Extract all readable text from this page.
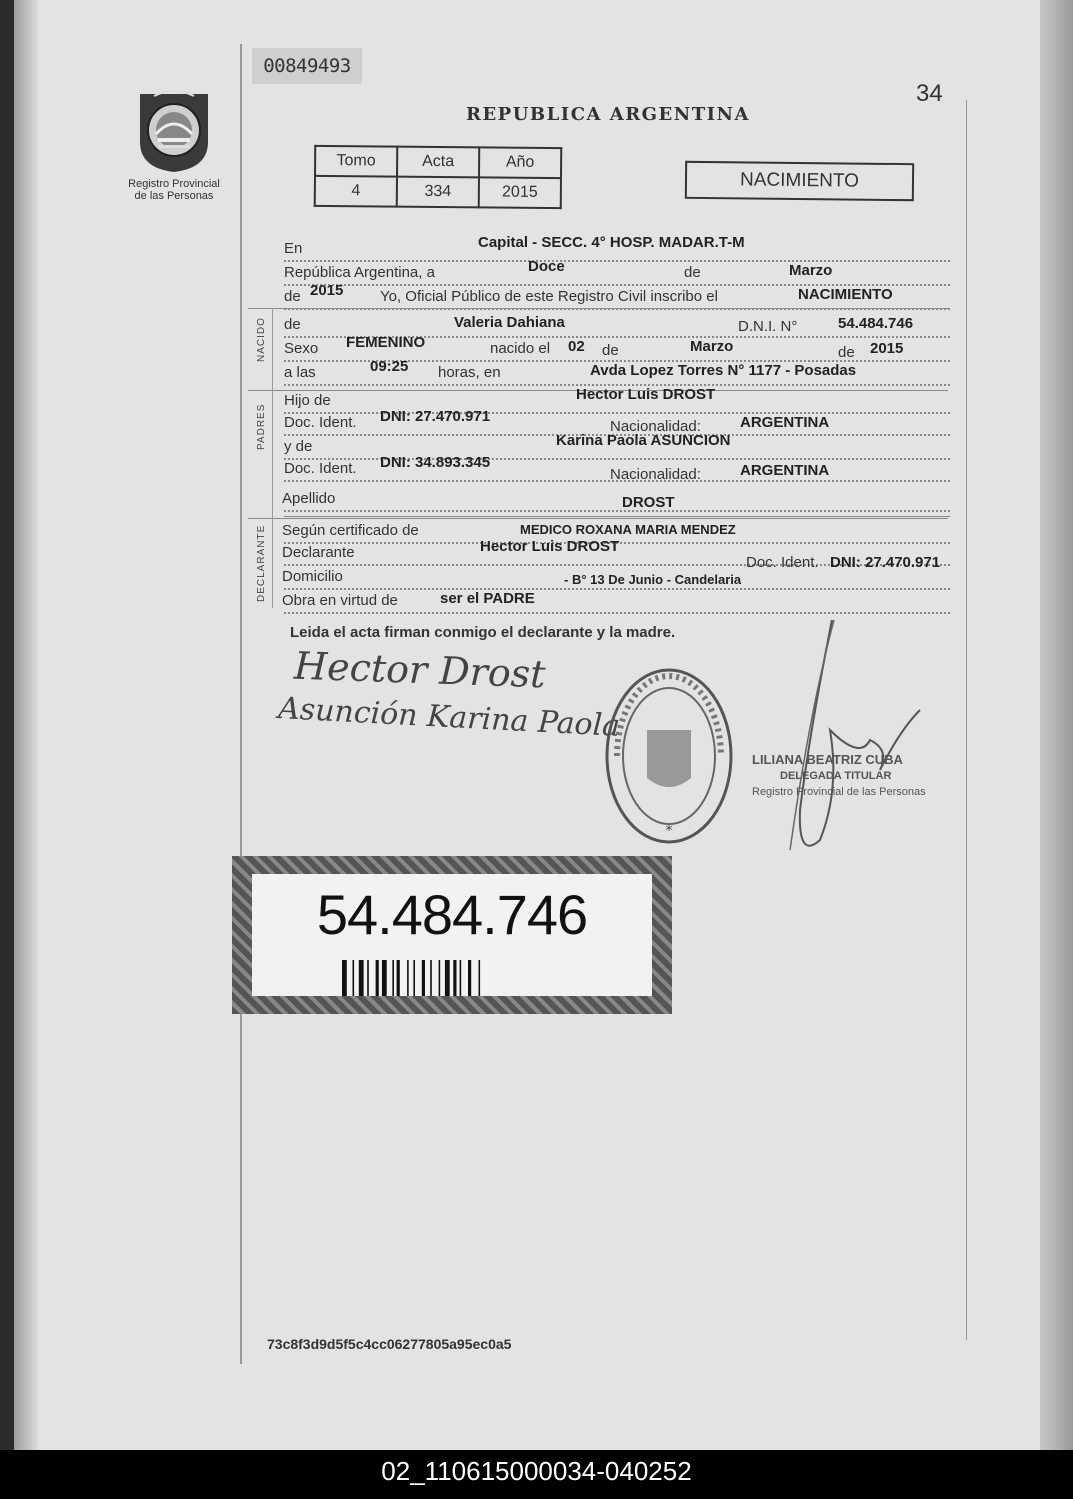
00849493
34
REPUBLICA ARGENTINA
Registro Provincial
de las Personas
Tomo	Acta	Año
4	334	2015
NACIMIENTO
NACIDO
PADRES
DECLARANTE
En	Capital - SECC. 4° HOSP. MADAR.T-M
República Argentina, a	Doce	de	Marzo
de 2015 Yo, Oficial Público de este Registro Civil inscribo el	NACIMIENTO
de	Valeria Dahiana	D.N.I. N°	54.484.746
Sexo FEMENINO	nacido el 02 de	Marzo	de 2015
a las	09:25 horas, en	Avda Lopez Torres N° 1177 - Posadas
Hijo de	Hector Luis DROST
Doc. Ident. DNI: 27.470.971
Nacionalidad:	ARGENTINA
y de	Karina Paola ASUNCION
Doc. Ident. DNI: 34.893.345
Nacionalidad:	ARGENTINA
Apellido	DROST
Según certificado de	MEDICO ROXANA MARIA MENDEZ
Declarante	Hector Luis DROST
Doc. Ident. DNI: 27.470.971
Domicilio	- B° 13 De Junio - Candelaria
Obra en virtud de	ser el PADRE
Leida el acta firman conmigo el declarante y la madre.
Hector Drost
Asunción Karina Paola
*
LILIANA BEATRIZ CUBA
DELEGADA TITULAR
Registro Provincial de las Personas
54.484.746
73c8f3d9d5f5c4cc06277805a95ec0a5
02_110615000034-040252
